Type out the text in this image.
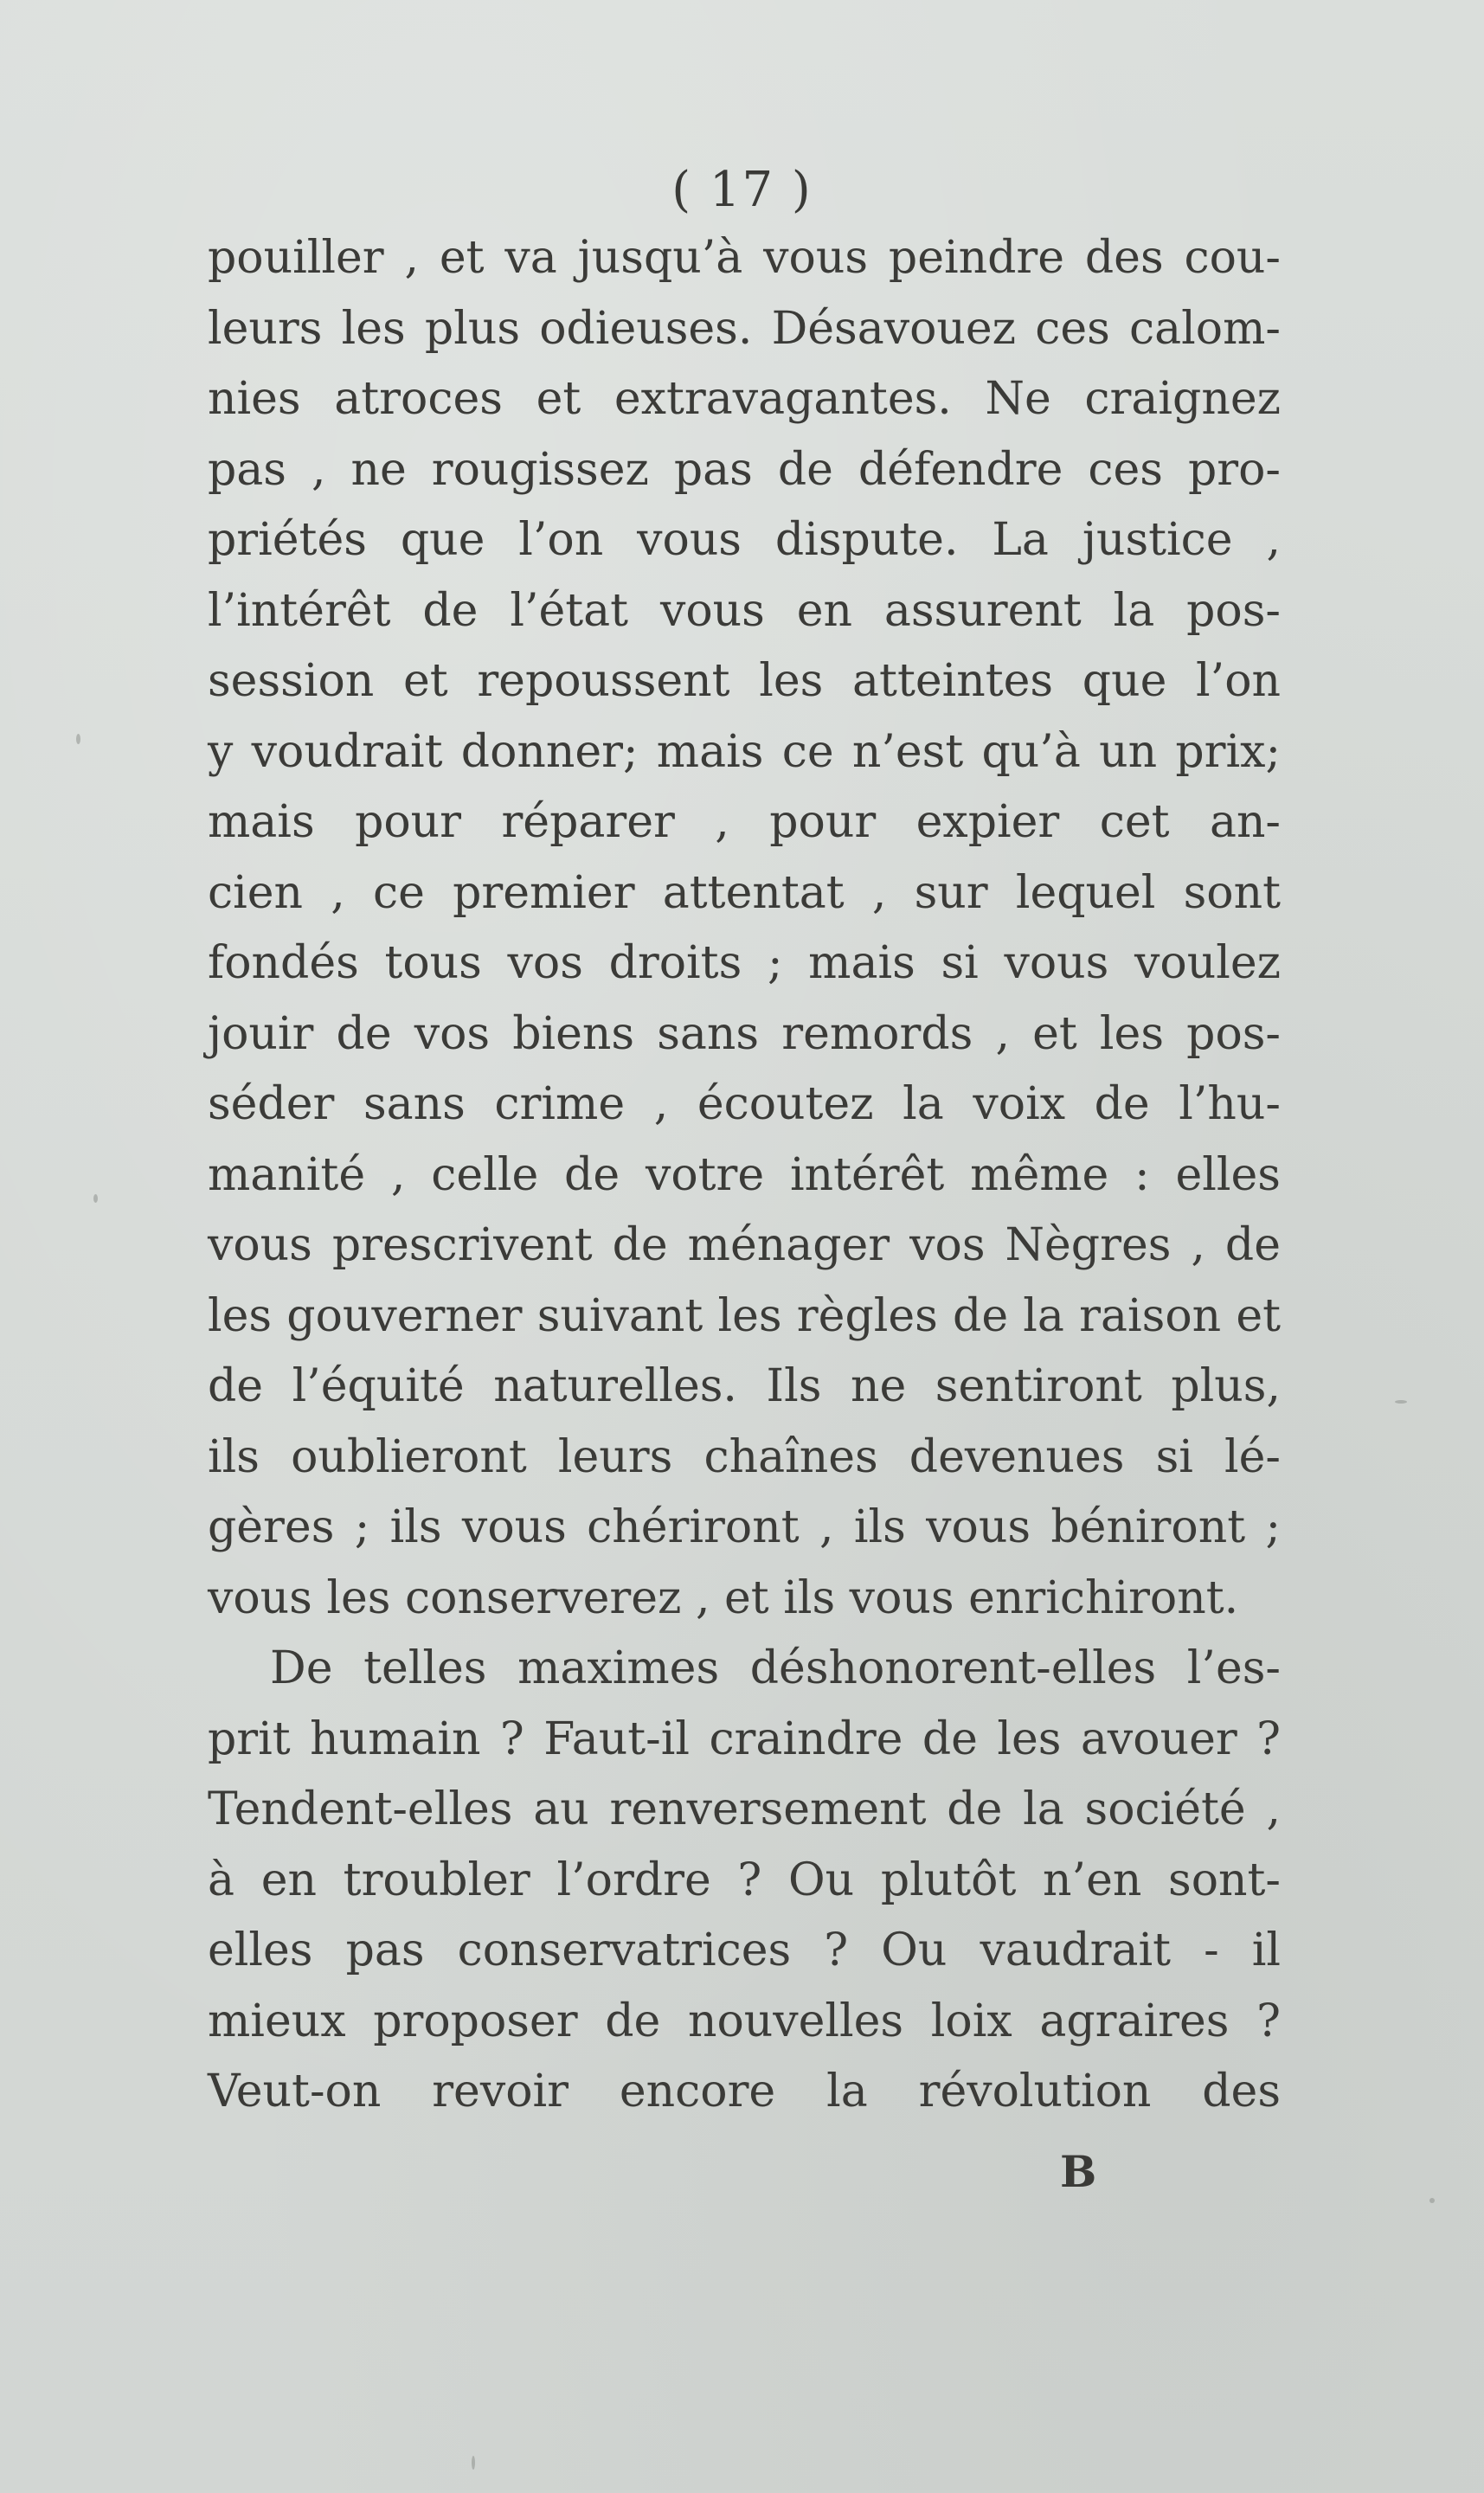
( 17 )
pouiller , et va jusqu’à vous peindre des cou-
leurs les plus odieuses. Désavouez ces calom-
nies atroces et extravagantes. Ne craignez
pas , ne rougissez pas de défendre ces pro-
priétés que l’on vous dispute. La justice ,
l’intérêt de l’état vous en assurent la pos-
session et repoussent les atteintes que l’on
y voudrait donner; mais ce n’est qu’à un prix;
mais pour réparer , pour expier cet an-
cien , ce premier attentat , sur lequel sont
fondés tous vos droits ; mais si vous voulez
jouir de vos biens sans remords , et les pos-
séder sans crime , écoutez la voix de l’hu-
manité , celle de votre intérêt même : elles
vous prescrivent de ménager vos Nègres , de
les gouverner suivant les règles de la raison et
de l’équité naturelles. Ils ne sentiront plus,
ils oublieront leurs chaînes devenues si lé-
gères ; ils vous chériront , ils vous béniront ;
vous les conserverez , et ils vous enrichiront.
De telles maximes déshonorent-elles l’es-
prit humain ? Faut-il craindre de les avouer ?
Tendent-elles au renversement de la société ,
à en troubler l’ordre ? Ou plutôt n’en sont-
elles pas conservatrices ? Ou vaudrait - il
mieux proposer de nouvelles loix agraires ?
Veut-on revoir encore la révolution des
B
